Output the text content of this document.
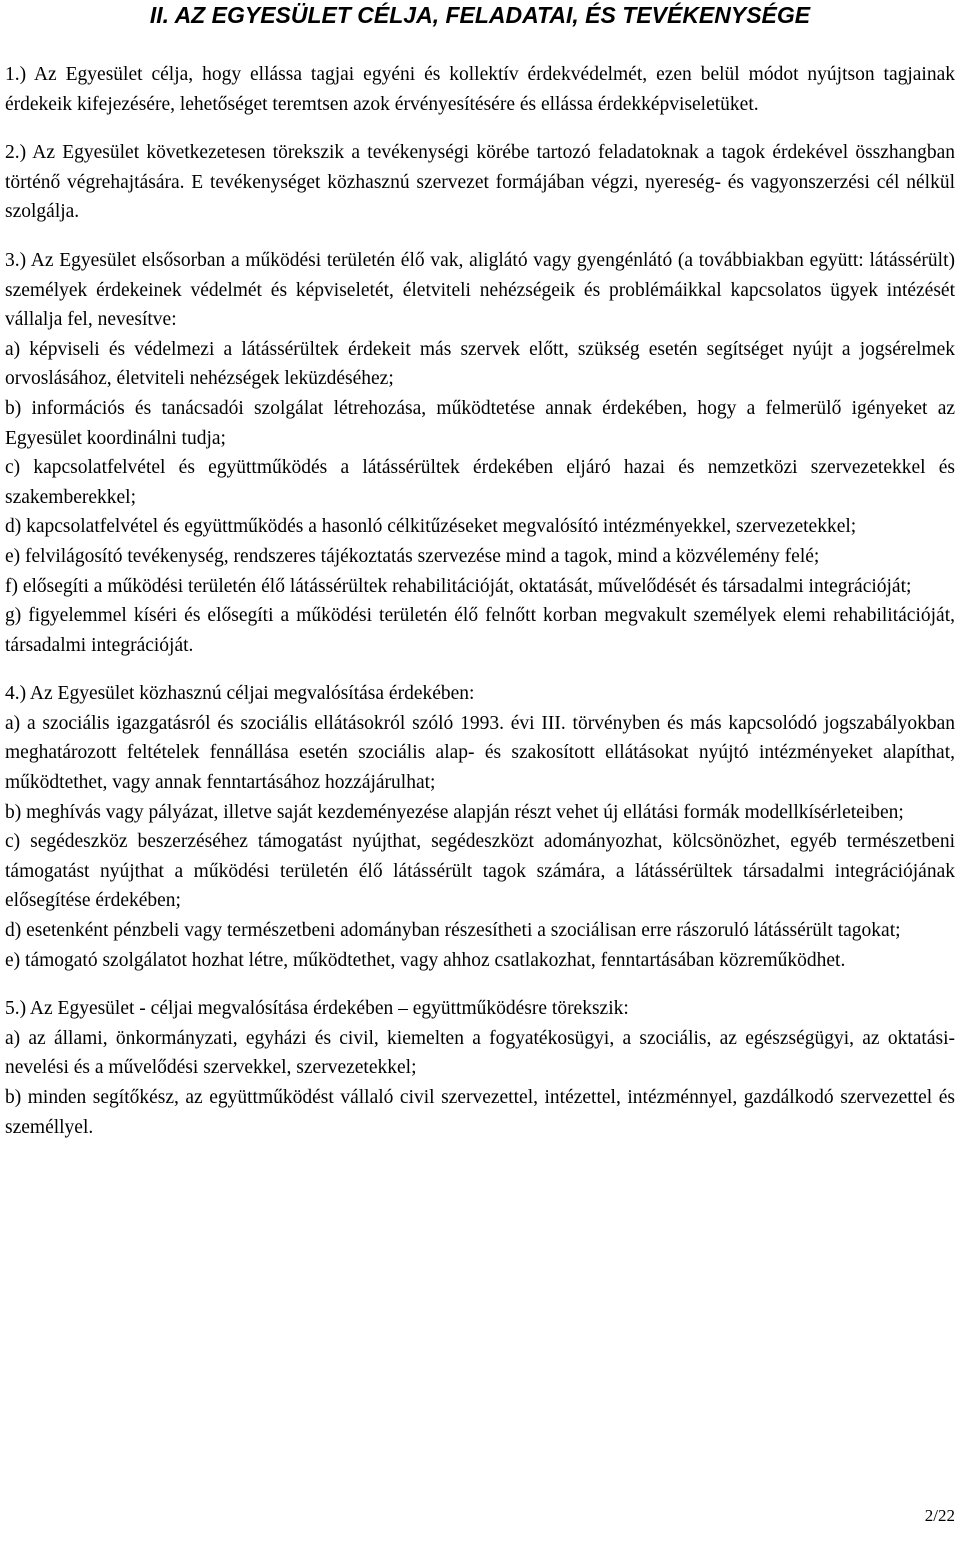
II. AZ EGYESÜLET CÉLJA, FELADATAI, ÉS TEVÉKENYSÉGE

1.) Az Egyesület célja, hogy ellássa tagjai egyéni és kollektív érdekvédelmét, ezen belül módot nyújtson tagjainak érdekeik kifejezésére, lehetőséget teremtsen azok érvényesítésére és ellássa érdekképviseletüket.

2.) Az Egyesület következetesen törekszik a tevékenységi körébe tartozó feladatoknak a tagok érdekével összhangban történő végrehajtására. E tevékenységet közhasznú szervezet formájában végzi, nyereség- és vagyonszerzési cél nélkül szolgálja.

3.) Az Egyesület elsősorban a működési területén élő vak, aliglátó vagy gyengénlátó (a továbbiakban együtt: látássérült) személyek érdekeinek védelmét és képviseletét, életviteli nehézségeik és problémáikkal kapcsolatos ügyek intézését vállalja fel, nevesítve:

a) képviseli és védelmezi a látássérültek érdekeit más szervek előtt, szükség esetén segítséget nyújt a jogsérelmek orvoslásához, életviteli nehézségek leküzdéséhez;

b) információs és tanácsadói szolgálat létrehozása, működtetése annak érdekében, hogy a felmerülő igényeket az Egyesület koordinálni tudja;

c) kapcsolatfelvétel és együttműködés a látássérültek érdekében eljáró hazai és nemzetközi szervezetekkel és szakemberekkel;

d) kapcsolatfelvétel és együttműködés a hasonló célkitűzéseket megvalósító intézményekkel, szervezetekkel;

e) felvilágosító tevékenység, rendszeres tájékoztatás szervezése mind a tagok, mind a közvélemény felé;

f) elősegíti a működési területén élő látássérültek rehabilitációját, oktatását, művelődését és társadalmi integrációját;

g) figyelemmel kíséri és elősegíti a működési területén élő felnőtt korban megvakult személyek elemi rehabilitációját, társadalmi integrációját.

4.) Az Egyesület közhasznú céljai megvalósítása érdekében:

a) a szociális igazgatásról és szociális ellátásokról szóló 1993. évi III. törvényben és más kapcsolódó jogszabályokban meghatározott feltételek fennállása esetén szociális alap- és szakosított ellátásokat nyújtó intézményeket alapíthat, működtethet, vagy annak fenntartásához hozzájárulhat;

b) meghívás vagy pályázat, illetve saját kezdeményezése alapján részt vehet új ellátási formák modellkísérleteiben;

c) segédeszköz beszerzéséhez támogatást nyújthat, segédeszközt adományozhat, kölcsönözhet, egyéb természetbeni támogatást nyújthat a működési területén élő látássérült tagok számára, a látássérültek társadalmi integrációjának elősegítése érdekében;

d) esetenként pénzbeli vagy természetbeni adományban részesítheti a szociálisan erre rászoruló látássérült tagokat;

e) támogató szolgálatot hozhat létre, működtethet, vagy ahhoz csatlakozhat, fenntartásában közreműködhet.

5.) Az Egyesület - céljai megvalósítása érdekében – együttműködésre törekszik:

a) az állami, önkormányzati, egyházi és civil, kiemelten a fogyatékosügyi, a szociális, az egészségügyi, az oktatási-nevelési és a művelődési szervekkel, szervezetekkel;

b) minden segítőkész, az együttműködést vállaló civil szervezettel, intézettel, intézménnyel, gazdálkodó szervezettel és személlyel.

2/22
